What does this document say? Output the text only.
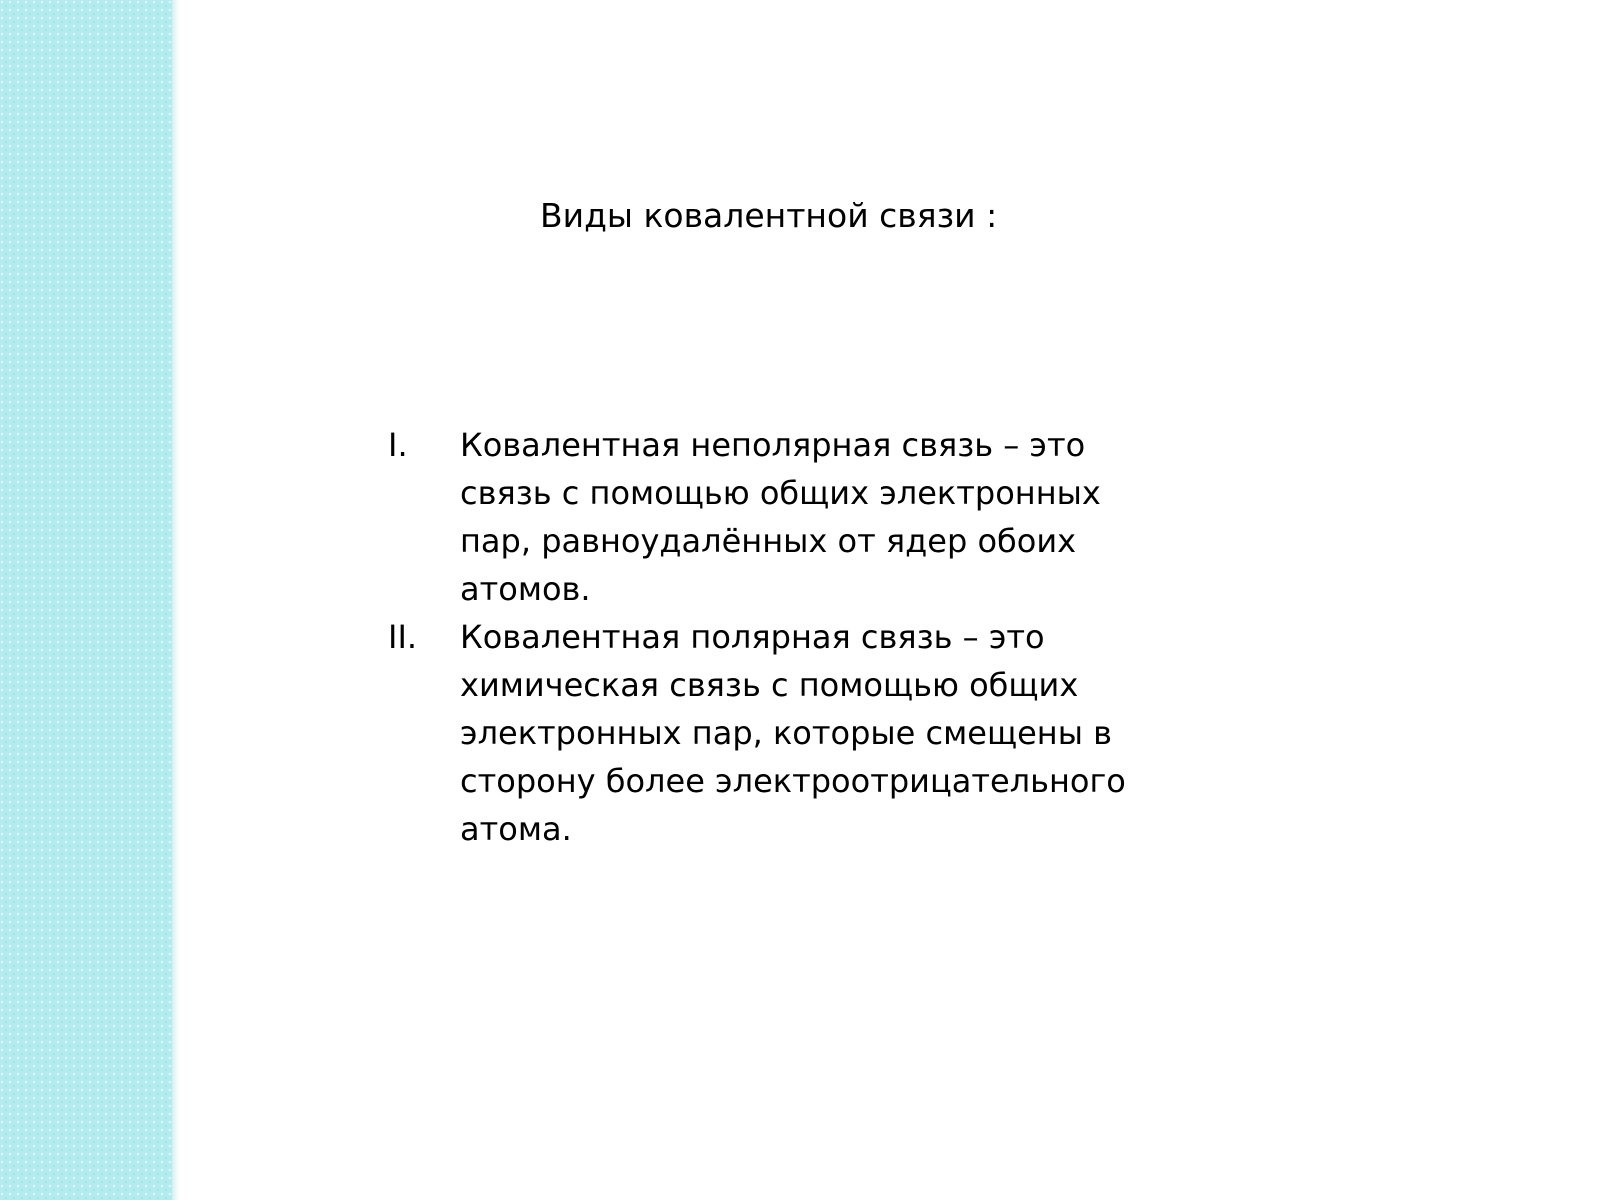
Виды ковалентной связи :
I. Ковалентная неполярная связь – это
связь с помощью общих электронных
пар, равноудалённых от ядер обоих
атомов.
II. Ковалентная полярная связь – это
химическая связь с помощью общих
электронных пар, которые смещены в
сторону более электроотрицательного
атома.
